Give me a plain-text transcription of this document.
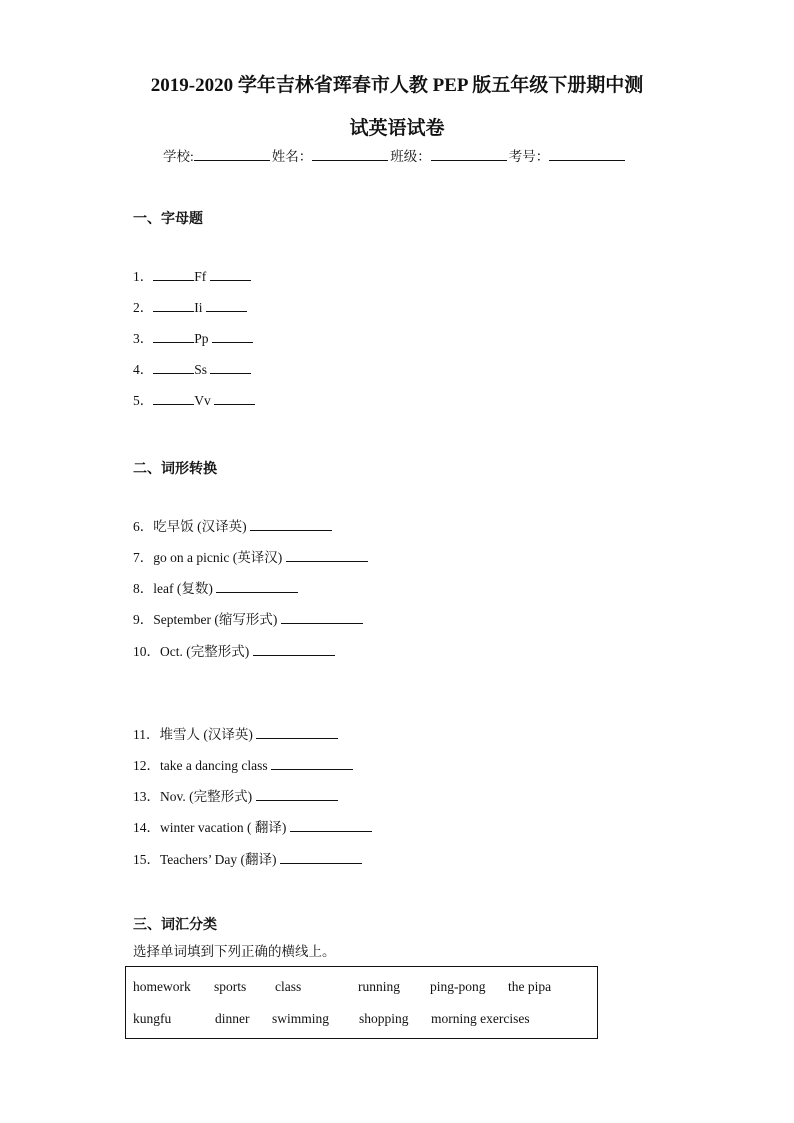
2019-2020 学年吉林省珲春市人教 PEP 版五年级下册期中测
试英语试卷
学校:	姓名：	班级：	考号：
一、字母题
1．	Ff
2．	Ii
3．	Pp
4．	Ss
5．	Vv
二、词形转换
6．吃早饭 (汉译英)
7．go on a picnic (英译汉)
8．leaf (复数)
9．September (缩写形式)
10．Oct. (完整形式)
11．堆雪人 (汉译英)
12．take a dancing class
13．Nov. (完整形式)
14．winter vacation ( 翻译)
15．Teachers’ Day (翻译)
三、词汇分类
选择单词填到下列正确的横线上。
homework sports class	running ping-pong the pipa
kungfu	dinner swimming shopping morning exercises
